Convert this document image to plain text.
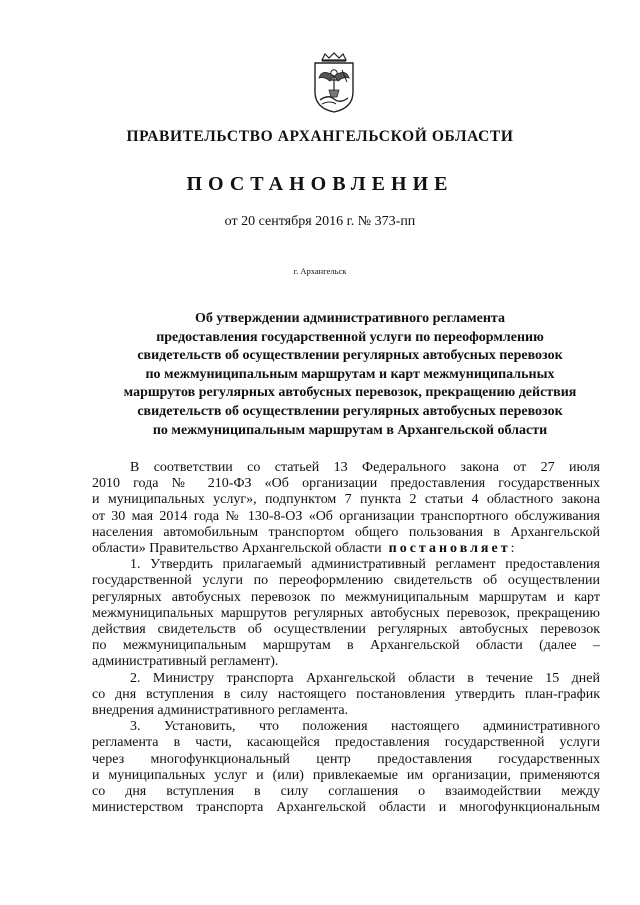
ПРАВИТЕЛЬСТВО АРХАНГЕЛЬСКОЙ ОБЛАСТИ
ПОСТАНОВЛЕНИЕ
от 20 сентября 2016 г. № 373-пп
г. Архангельск
Об утверждении административного регламента
предоставления государственной услуги по переоформлению
свидетельств об осуществлении регулярных автобусных перевозок
по межмуниципальным маршрутам и карт межмуниципальных
маршрутов регулярных автобусных перевозок, прекращению действия
свидетельств об осуществлении регулярных автобусных перевозок
по межмуниципальным маршрутам в Архангельской области
В соответствии со статьей 13 Федерального закона от 27 июля
2010 года № 210-ФЗ «Об организации предоставления государственных
и муниципальных услуг», подпунктом 7 пункта 2 статьи 4 областного закона
от 30 мая 2014 года № 130-8-ОЗ «Об организации транспортного обслуживания
населения автомобильным транспортом общего пользования в Архангельской
области» Правительство Архангельской области постановляет:
1. Утвердить прилагаемый административный регламент предоставления
государственной услуги по переоформлению свидетельств об осуществлении
регулярных автобусных перевозок по межмуниципальным маршрутам и карт
межмуниципальных маршрутов регулярных автобусных перевозок, прекращению
действия свидетельств об осуществлении регулярных автобусных перевозок
по межмуниципальным маршрутам в Архангельской области (далее –
административный регламент).
2. Министру транспорта Архангельской области в течение 15 дней
со дня вступления в силу настоящего постановления утвердить план-график
внедрения административного регламента.
3. Установить, что положения настоящего административного
регламента в части, касающейся предоставления государственной услуги
через многофункциональный центр предоставления государственных
и муниципальных услуг и (или) привлекаемые им организации, применяются
со дня вступления в силу соглашения о взаимодействии между
министерством транспорта Архангельской области и многофункциональным
